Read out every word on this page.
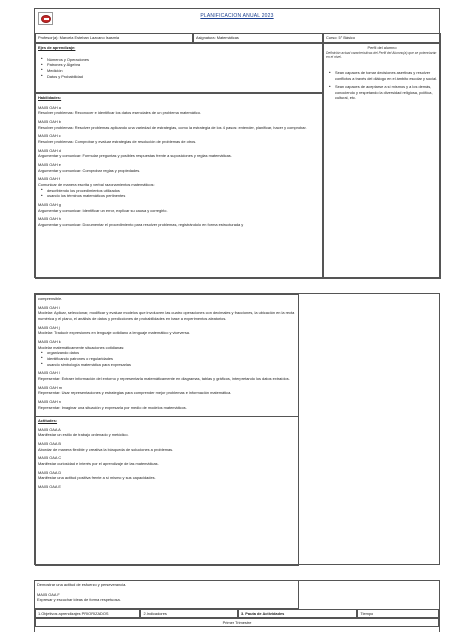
PLANIFICACION ANUAL 2023
Profesor(a): Marcela Esteban Lazcano Isasmia	Asignatura: Matemáticas	Curso: 5° Básico
Ejes de aprendizaje:
• Números y Operaciones
• Patrones y Álgebra
• Medición
• Datos y Probabilidad
Perfil del alumno
Definición actual características del Perfil del Alumno(a) que se potenciarán en el nivel.
• Sean capaces de tomar decisiones asertivas y resolver conflictos a través del diálogo en el ámbito escolar y social.
• Sean capaces de aceptarse a sí mismos y a los demás, conociendo y respetando la diversidad religiosa, política, cultural, etc.
Habilidades:
MA05 OAH a
Resolver problemas: Reconocer e identificar los datos esenciales de un problema matemático.
MA05 OAH b
Resolver problemas: Resolver problemas aplicando una variedad de estrategias, como la estrategia de los 4 pasos: entender, planificar, hacer y comprobar.
MA05 OAH c
Resolver problemas: Comprobar y evaluar estrategias de resolución de problemas de otros.
MA05 OAH d
Argumentar y comunicar: Formular preguntas y posibles respuestas frente a suposiciones y reglas matemáticas.
MA05 OAH e
Argumentar y comunicar: Comprobar reglas y propiedades.
MA05 OAH f
Comunicar de manera escrita y verbal razonamientos matemáticos:
• describiendo los procedimientos utilizados
• usando los términos matemáticos pertinentes
MA05 OAH g
Argumentar y comunicar: Identificar un error, explicar su causa y corregirlo.
MA05 OAH h
Argumentar y comunicar: Documentar el procedimiento para resolver problemas, registrándolo en forma estructurada y
comprensible.
MA05 OAH i
Modelar: Aplicar, seleccionar, modificar y evaluar modelos que involucren las cuatro operaciones con decimales y fracciones, la ubicación en la recta numérica y el plano, el análisis de datos y predicciones de probabilidades en base a experimentos aleatorios.
MA05 OAH j
Modelar: Traducir expresiones en lenguaje cotidiano a lenguaje matemático y viceversa.
MA05 OAH k
Modelar matemáticamente situaciones cotidianas:
• organizando datos
• identificando patrones o regularidades
• usando simbología matemática para expresarlas
MA05 OAH l
Representar: Extraer información del entorno y representarla matemáticamente en diagramas, tablas y gráficos, interpretando los datos extraídos.
MA05 OAH m
Representar: Usar representaciones y estrategias para comprender mejor problemas e información matemática.
MA05 OAH n
Representar: Imaginar una situación y expresarla por medio de modelos matemáticos.
Actitudes:
MA05 OAA A
Manifestar un estilo de trabajo ordenado y metódico.
MA05 OAA B
Abordar de manera flexible y creativa la búsqueda de soluciones a problemas.
MA05 OAA C
Manifestar curiosidad e interés por el aprendizaje de las matemáticas.
MA05 OAA D
Manifestar una actitud positiva frente a sí mismo y sus capacidades.
MA05 OAA E
Demostrar una actitud de esfuerzo y perseverancia.
MA05 OAA F
Expresar y escuchar ideas de forma respetuosa.
1.Objetivos aprendizajes PRIORIZADOS	2.Indicadores	3. Pauta de Actividades	Tiempo
Primer Trimestre
